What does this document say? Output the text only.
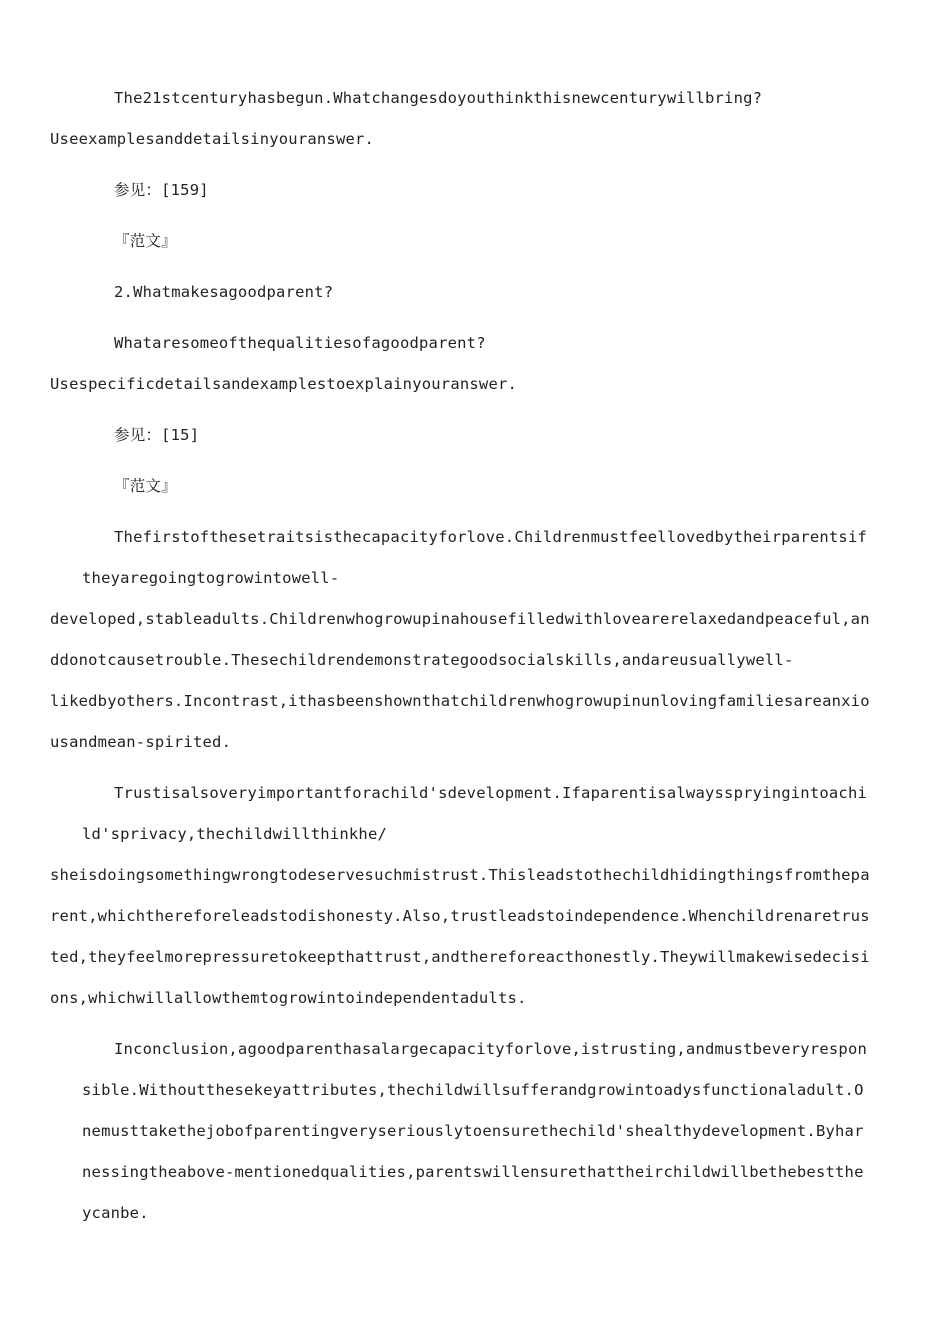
The21stcenturyhasbegun.Whatchangesdoyouthinkthisnewcenturywillbring?
Useexamplesanddetailsinyouranswer.

参见：[159]

『范文』

2.Whatmakesagoodparent?

Whataresomeofthequalitiesofagoodparent?
Usespecificdetailsandexamplestoexplainyouranswer.

参见：[15]

『范文』

Thefirstofthesetraitsisthecapacityforlove.Childrenmustfeellovedbytheirparentsiftheyaregoingtogrowintowell-
developed,stableadults.Childrenwhogrowupinahousefilledwithlovearerelaxedandpeaceful,anddonotcausetrouble.Thesechildrendemonstrategoodsocialskills,andareusuallywell-
likedbyothers.Incontrast,ithasbeenshownthatchildrenwhogrowupinunlovingfamiliesareanxiousandmean-spirited.

Trustisalsoveryimportantforachild'sdevelopment.Ifaparentisalwaysspryingintoachild'sprivacy,thechildwillthinkhe/
sheisdoingsomethingwrongtodeservesuchmistrust.Thisleadstothechildhidingthingsfromtheparent,whichthereforeleadstodishonesty.Also,trustleadstoindependence.Whenchildrenaretrusted,theyfeelmorepressuretokeepthattrust,andthereforeacthonestly.Theywillmakewisedecisions,whichwillallowthemtogrowintoindependentadults.

Inconclusion,agoodparenthasalargecapacityforlove,istrusting,andmustbeveryresponsible.Withoutthesekeyattributes,thechildwillsufferandgrowintoadysfunctionaladult.Onemusttakethejobofparentingveryseriouslytoensurethechild'shealthydevelopment.Byharnessingtheabove-mentionedqualities,parentswillensurethattheirchildwillbethebesttheycanbe.
